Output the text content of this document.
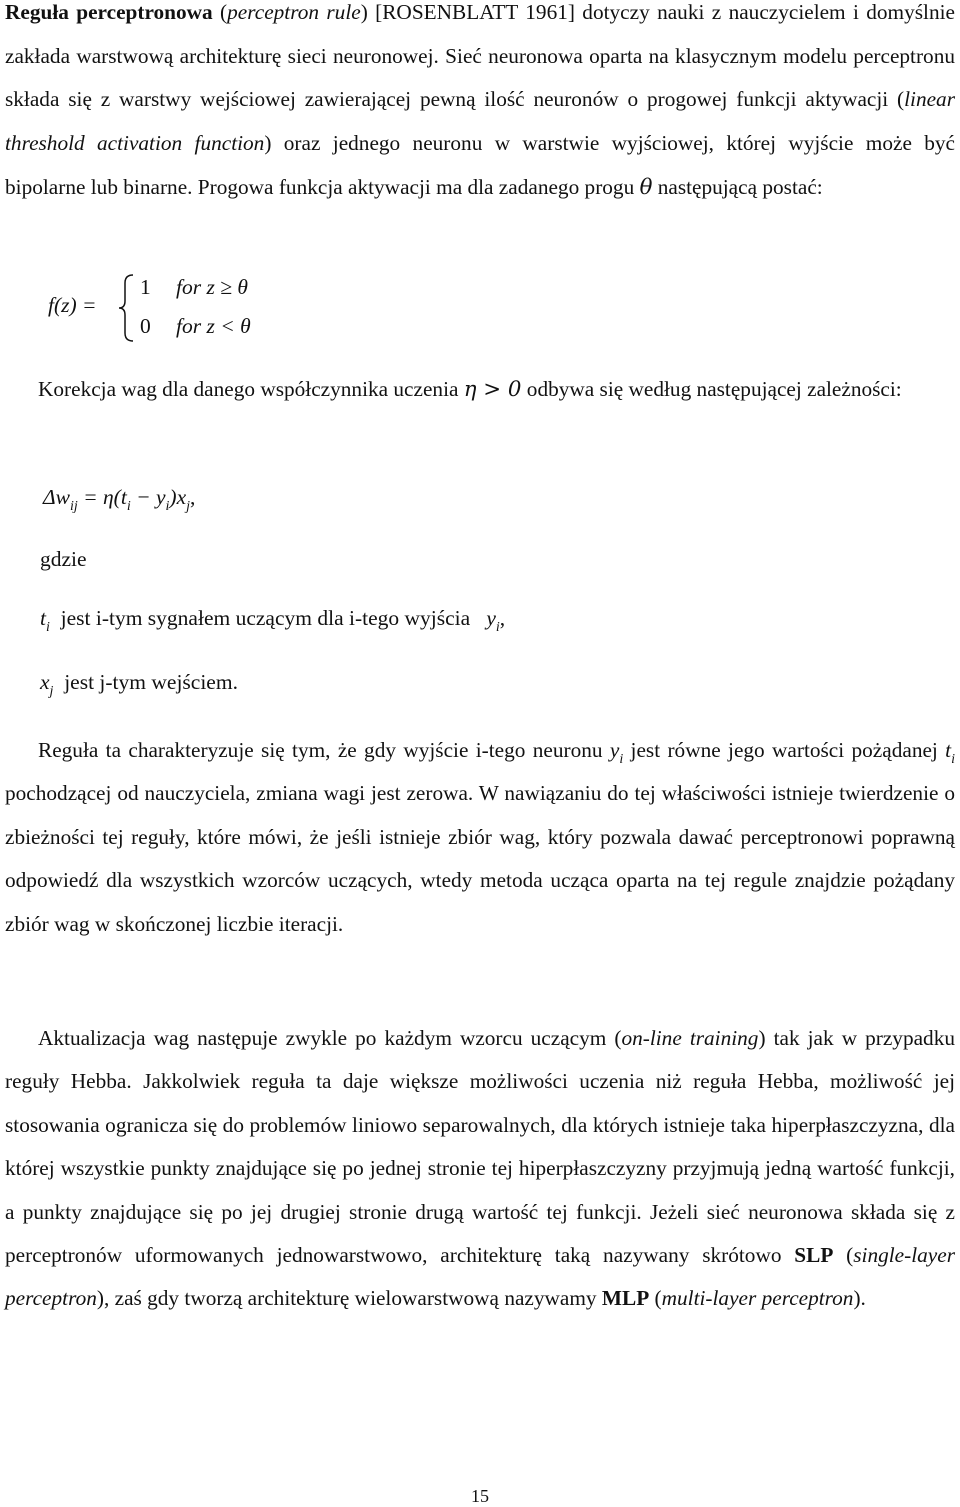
Reguła perceptronowa (perceptron rule) [ROSENBLATT 1961] dotyczy nauki z nauczycielem i domyślnie zakłada warstwową architekturę sieci neuronowej. Sieć neuronowa oparta na klasycznym modelu perceptronu składa się z warstwy wejściowej zawierającej pewną ilość neuronów o progowej funkcji aktywacji (linear threshold activation function) oraz jednego neuronu w warstwie wyjściowej, której wyjście może być bipolarne lub binarne. Progowa funkcja aktywacji ma dla zadanego progu θ następującą postać:

f(z) =
1 for z ≥ θ
0 for z < θ

Korekcja wag dla danego współczynnika uczenia η > 0 odbywa się według następującej zależności:

$\Delta w_{ij} = \eta(t_i - y_i)x_j$,
gdzie
$t_i$ jest i-tym sygnałem uczącym dla i-tego wyjścia $y_i$,
$x_j$ jest j-tym wejściem.

Reguła ta charakteryzuje się tym, że gdy wyjście i-tego neuronu $y_i$ jest równe jego wartości pożądanej $t_i$ pochodzącej od nauczyciela, zmiana wagi jest zerowa. W nawiązaniu do tej właściwości istnieje twierdzenie o zbieżności tej reguły, które mówi, że jeśli istnieje zbiór wag, który pozwala dawać perceptronowi poprawną odpowiedź dla wszystkich wzorców uczących, wtedy metoda ucząca oparta na tej regule znajdzie pożądany zbiór wag w skończonej liczbie iteracji.

Aktualizacja wag następuje zwykle po każdym wzorcu uczącym (on-line training) tak jak w przypadku reguły Hebba. Jakkolwiek reguła ta daje większe możliwości uczenia niż reguła Hebba, możliwość jej stosowania ogranicza się do problemów liniowo separowalnych, dla których istnieje taka hiperpłaszczyzna, dla której wszystkie punkty znajdujące się po jednej stronie tej hiperpłaszczyzny przyjmują jedną wartość funkcji, a punkty znajdujące się po jej drugiej stronie drugą wartość tej funkcji. Jeżeli sieć neuronowa składa się z perceptronów uformowanych jednowarstwowo, architekturę taką nazywany skrótowo SLP (single-layer perceptron), zaś gdy tworzą architekturę wielowarstwową nazywamy MLP (multi-layer perceptron).

15
